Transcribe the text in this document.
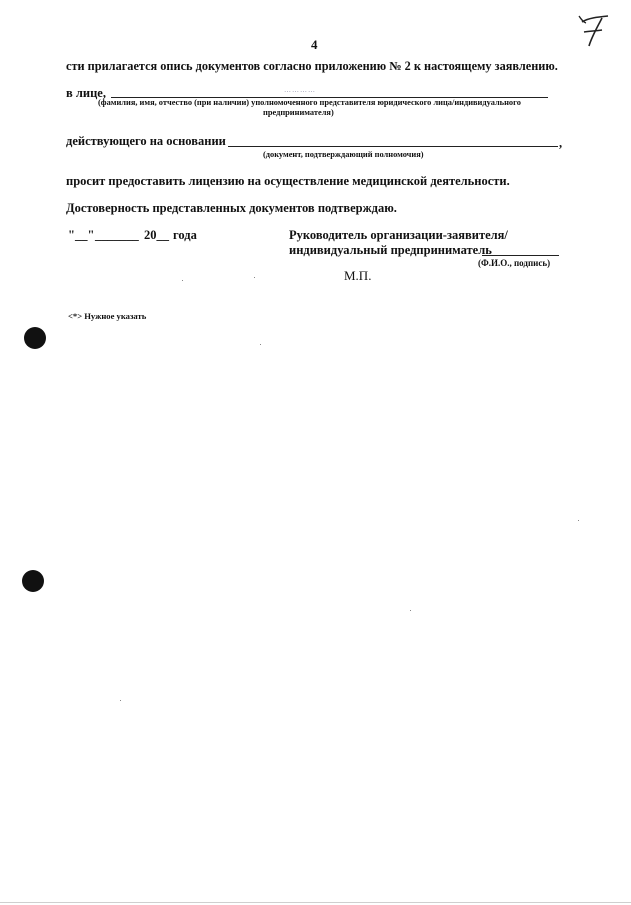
4
сти прилагается опись документов согласно приложению № 2 к настоящему заявлению.
в лице,	…………
(фамилия, имя, отчество (при наличии) уполномоченного представителя юридического лица/индивидуального
предпринимателя)
действующего на основании	,
(документ, подтверждающий полномочия)
просит предоставить лицензию на осуществление медицинской деятельности.
Достоверность представленных документов подтверждаю.
"__" _______ 20__ года	Руководитель организации-заявителя/
индивидуальный предприниматель
(Ф.И.О., подпись)
М.П.
<*> Нужное указать
